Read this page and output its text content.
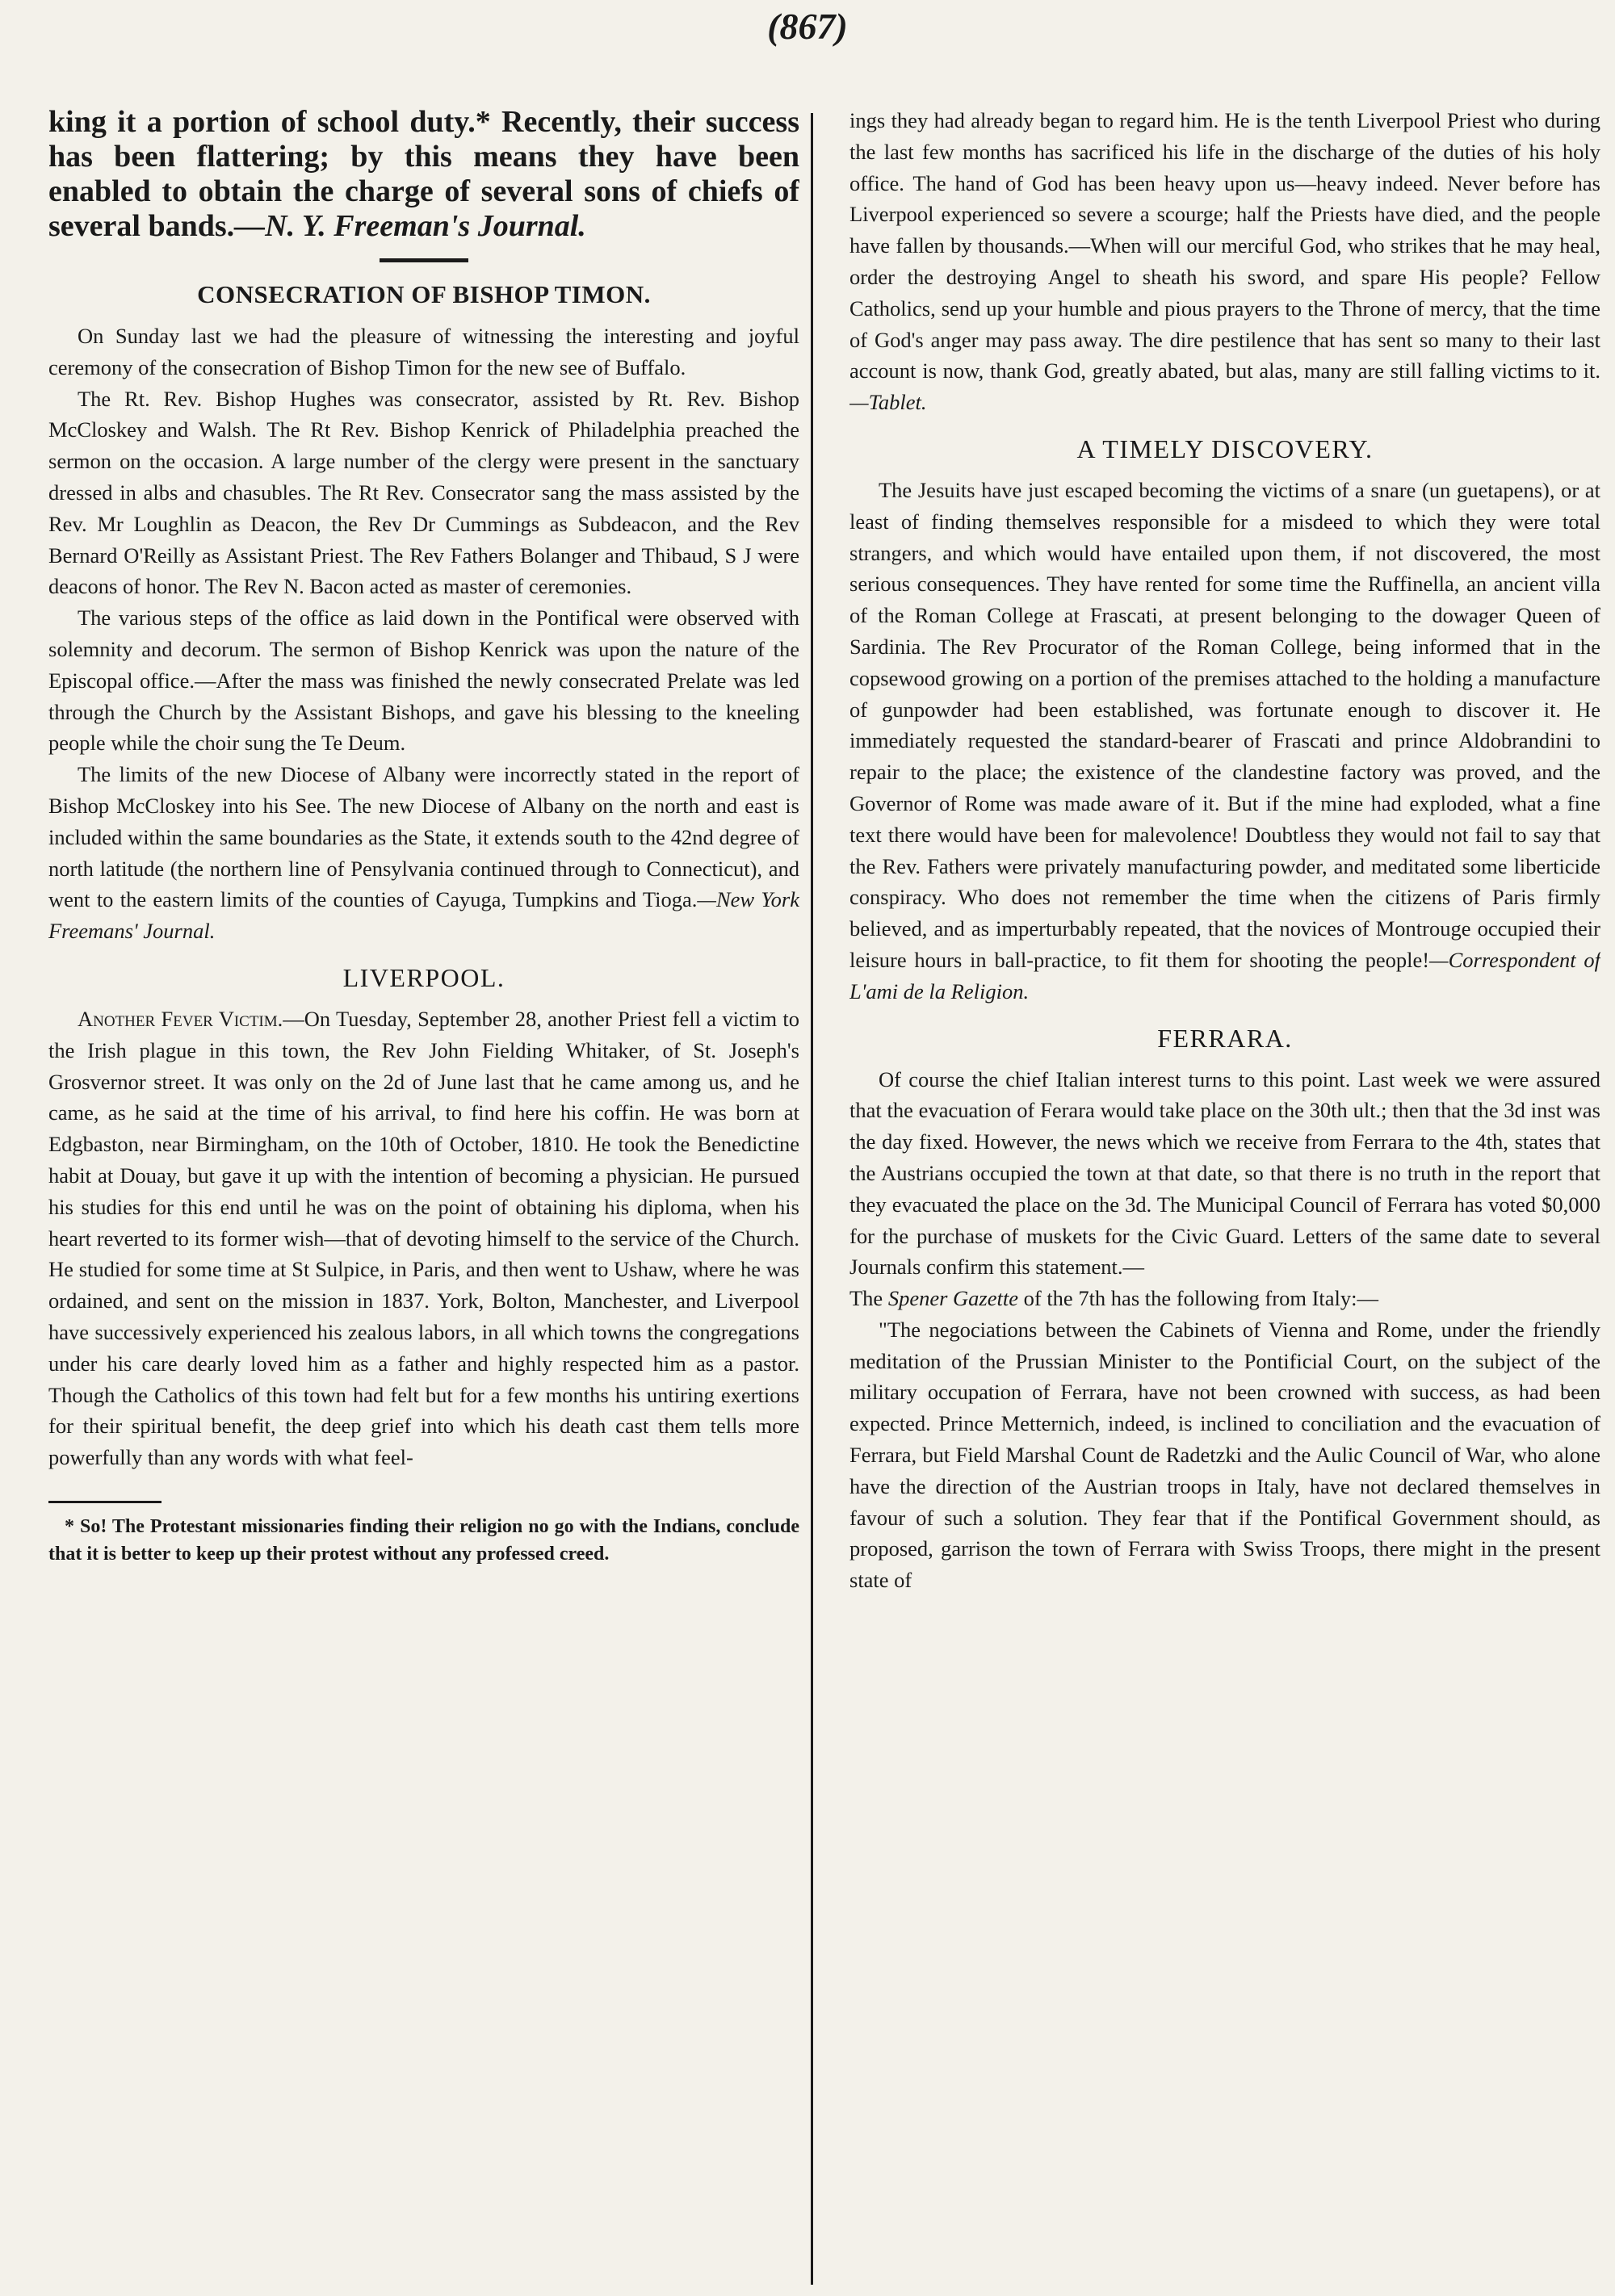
(867)

king it a portion of school duty.* Recently, their success has been flattering; by this means they have been enabled to obtain the charge of several sons of chiefs of several bands.—N. Y. Freeman's Journal.

CONSECRATION OF BISHOP TIMON.

On Sunday last we had the pleasure of witnessing the interesting and joyful ceremony of the consecration of Bishop Timon for the new see of Buffalo.

The Rt. Rev. Bishop Hughes was consecrator, assisted by Rt. Rev. Bishop McCloskey and Walsh. The Rt Rev. Bishop Kenrick of Philadelphia preached the sermon on the occasion. A large number of the clergy were present in the sanctuary dressed in albs and chasubles. The Rt Rev. Consecrator sang the mass assisted by the Rev. Mr Loughlin as Deacon, the Rev Dr Cummings as Subdeacon, and the Rev Bernard O'Reilly as Assistant Priest. The Rev Fathers Bolanger and Thibaud, S J were deacons of honor. The Rev N. Bacon acted as master of ceremonies.

The various steps of the office as laid down in the Pontifical were observed with solemnity and decorum. The sermon of Bishop Kenrick was upon the nature of the Episcopal office.—After the mass was finished the newly consecrated Prelate was led through the Church by the Assistant Bishops, and gave his blessing to the kneeling people while the choir sung the Te Deum.

The limits of the new Diocese of Albany were incorrectly stated in the report of Bishop McCloskey into his See. The new Diocese of Albany on the north and east is included within the same boundaries as the State, it extends south to the 42nd degree of north latitude (the northern line of Pensylvania continued through to Connecticut), and went to the eastern limits of the counties of Cayuga, Tumpkins and Tioga.—New York Freemans' Journal.

LIVERPOOL.

Another Fever Victim.—On Tuesday, September 28, another Priest fell a victim to the Irish plague in this town, the Rev John Fielding Whitaker, of St. Joseph's Grosvernor street. It was only on the 2d of June last that he came among us, and he came, as he said at the time of his arrival, to find here his coffin. He was born at Edgbaston, near Birmingham, on the 10th of October, 1810. He took the Benedictine habit at Douay, but gave it up with the intention of becoming a physician. He pursued his studies for this end until he was on the point of obtaining his diploma, when his heart reverted to its former wish—that of devoting himself to the service of the Church. He studied for some time at St Sulpice, in Paris, and then went to Ushaw, where he was ordained, and sent on the mission in 1837. York, Bolton, Manchester, and Liverpool have successively experienced his zealous labors, in all which towns the congregations under his care dearly loved him as a father and highly respected him as a pastor. Though the Catholics of this town had felt but for a few months his untiring exertions for their spiritual benefit, the deep grief into which his death cast them tells more powerfully than any words with what feel-

* So! The Protestant missionaries finding their religion no go with the Indians, conclude that it is better to keep up their protest without any professed creed.

ings they had already began to regard him. He is the tenth Liverpool Priest who during the last few months has sacrificed his life in the discharge of the duties of his holy office. The hand of God has been heavy upon us—heavy indeed. Never before has Liverpool experienced so severe a scourge; half the Priests have died, and the people have fallen by thousands.—When will our merciful God, who strikes that he may heal, order the destroying Angel to sheath his sword, and spare His people? Fellow Catholics, send up your humble and pious prayers to the Throne of mercy, that the time of God's anger may pass away. The dire pestilence that has sent so many to their last account is now, thank God, greatly abated, but alas, many are still falling victims to it.—Tablet.

A TIMELY DISCOVERY.

The Jesuits have just escaped becoming the victims of a snare (un guetapens), or at least of finding themselves responsible for a misdeed to which they were total strangers, and which would have entailed upon them, if not discovered, the most serious consequences. They have rented for some time the Ruffinella, an ancient villa of the Roman College at Frascati, at present belonging to the dowager Queen of Sardinia. The Rev Procurator of the Roman College, being informed that in the copsewood growing on a portion of the premises attached to the holding a manufacture of gunpowder had been established, was fortunate enough to discover it. He immediately requested the standard-bearer of Frascati and prince Aldobrandini to repair to the place; the existence of the clandestine factory was proved, and the Governor of Rome was made aware of it. But if the mine had exploded, what a fine text there would have been for malevolence! Doubtless they would not fail to say that the Rev. Fathers were privately manufacturing powder, and meditated some liberticide conspiracy. Who does not remember the time when the citizens of Paris firmly believed, and as imperturbably repeated, that the novices of Montrouge occupied their leisure hours in ball-practice, to fit them for shooting the people!—Correspondent of L'ami de la Religion.

FERRARA.

Of course the chief Italian interest turns to this point. Last week we were assured that the evacuation of Ferara would take place on the 30th ult.; then that the 3d inst was the day fixed. However, the news which we receive from Ferrara to the 4th, states that the Austrians occupied the town at that date, so that there is no truth in the report that they evacuated the place on the 3d. The Municipal Council of Ferrara has voted $0,000 for the purchase of muskets for the Civic Guard. Letters of the same date to several Journals confirm this statement.—

The Spener Gazette of the 7th has the following from Italy:—

"The negociations between the Cabinets of Vienna and Rome, under the friendly meditation of the Prussian Minister to the Pontificial Court, on the subject of the military occupation of Ferrara, have not been crowned with success, as had been expected. Prince Metternich, indeed, is inclined to conciliation and the evacuation of Ferrara, but Field Marshal Count de Radetzki and the Aulic Council of War, who alone have the direction of the Austrian troops in Italy, have not declared themselves in favour of such a solution. They fear that if the Pontifical Government should, as proposed, garrison the town of Ferrara with Swiss Troops, there might in the present state of
